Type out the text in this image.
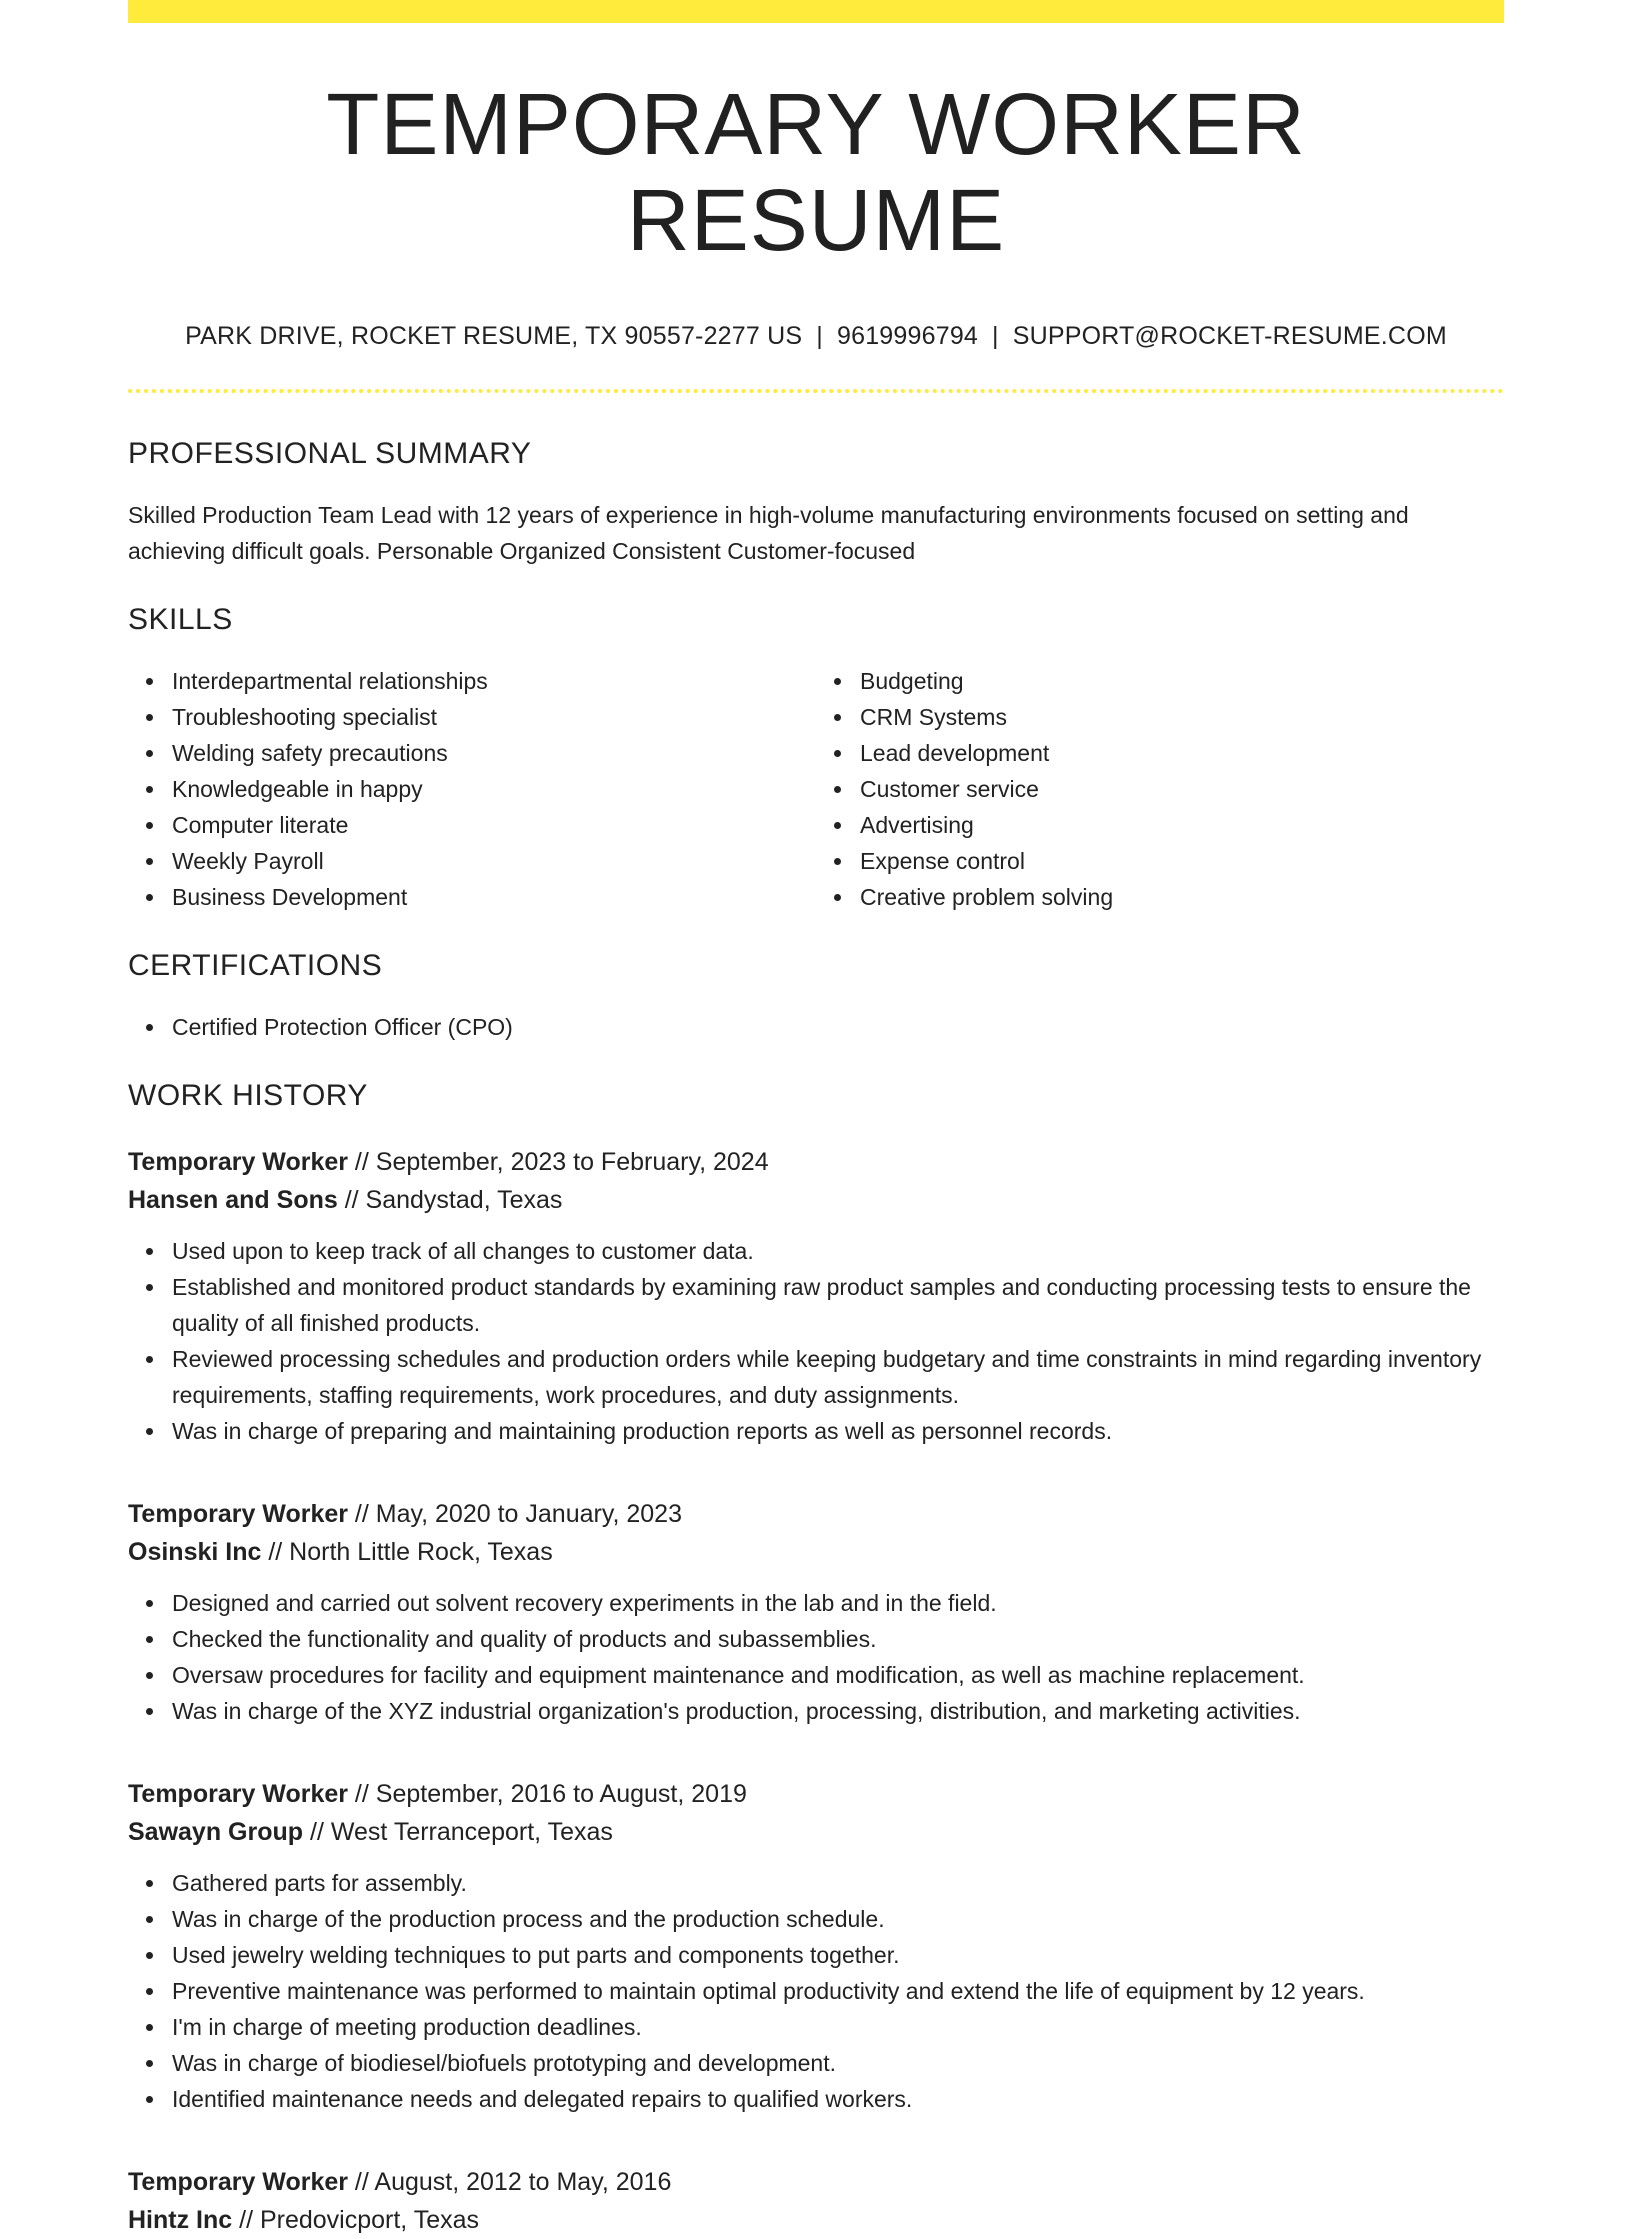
TEMPORARY WORKER RESUME
PARK DRIVE, ROCKET RESUME, TX 90557-2277 US | 9619996794 | SUPPORT@ROCKET-RESUME.COM
PROFESSIONAL SUMMARY
Skilled Production Team Lead with 12 years of experience in high-volume manufacturing environments focused on setting and achieving difficult goals. Personable Organized Consistent Customer-focused
SKILLS
Interdepartmental relationships
Troubleshooting specialist
Welding safety precautions
Knowledgeable in happy
Computer literate
Weekly Payroll
Business Development
Budgeting
CRM Systems
Lead development
Customer service
Advertising
Expense control
Creative problem solving
CERTIFICATIONS
Certified Protection Officer (CPO)
WORK HISTORY
Temporary Worker // September, 2023 to February, 2024
Hansen and Sons // Sandystad, Texas
Used upon to keep track of all changes to customer data.
Established and monitored product standards by examining raw product samples and conducting processing tests to ensure the quality of all finished products.
Reviewed processing schedules and production orders while keeping budgetary and time constraints in mind regarding inventory requirements, staffing requirements, work procedures, and duty assignments.
Was in charge of preparing and maintaining production reports as well as personnel records.
Temporary Worker // May, 2020 to January, 2023
Osinski Inc // North Little Rock, Texas
Designed and carried out solvent recovery experiments in the lab and in the field.
Checked the functionality and quality of products and subassemblies.
Oversaw procedures for facility and equipment maintenance and modification, as well as machine replacement.
Was in charge of the XYZ industrial organization's production, processing, distribution, and marketing activities.
Temporary Worker // September, 2016 to August, 2019
Sawayn Group // West Terranceport, Texas
Gathered parts for assembly.
Was in charge of the production process and the production schedule.
Used jewelry welding techniques to put parts and components together.
Preventive maintenance was performed to maintain optimal productivity and extend the life of equipment by 12 years.
I'm in charge of meeting production deadlines.
Was in charge of biodiesel/biofuels prototyping and development.
Identified maintenance needs and delegated repairs to qualified workers.
Temporary Worker // August, 2012 to May, 2016
Hintz Inc // Predovicport, Texas
